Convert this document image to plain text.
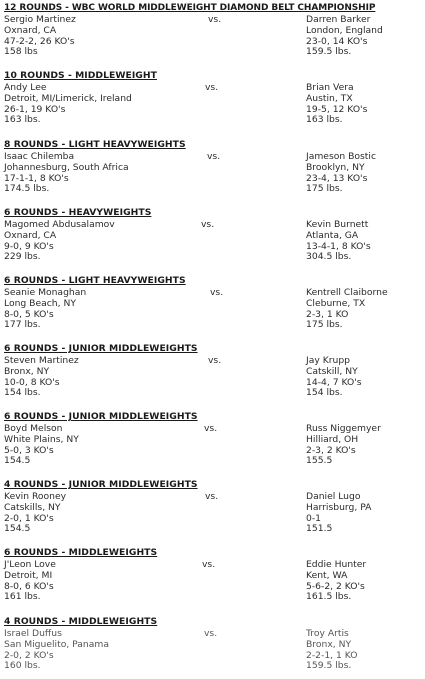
12 ROUNDS - WBC WORLD MIDDLEWEIGHT DIAMOND BELT CHAMPIONSHIP
Sergio Martinez
Oxnard, CA
47-2-2, 26 KO's
158 lbs
Darren Barker
London, England
23-0, 14 KO's
159.5 lbs.
vs.
10 ROUNDS - MIDDLEWEIGHT
Andy Lee
Detroit, MI/Limerick, Ireland
26-1, 19 KO's
163 lbs.
Brian Vera
Austin, TX
19-5, 12 KO's
163 lbs.
vs.
8 ROUNDS - LIGHT HEAVYWEIGHTS
Isaac Chilemba
Johannesburg, South Africa
17-1-1, 8 KO's
174.5 lbs.
Jameson Bostic
Brooklyn, NY
23-4, 13 KO's
175 lbs.
vs.
6 ROUNDS - HEAVYWEIGHTS
Magomed Abdusalamov
Oxnard, CA
9-0, 9 KO's
229 lbs.
Kevin Burnett
Atlanta, GA
13-4-1, 8 KO's
304.5 lbs.
vs.
6 ROUNDS - LIGHT HEAVYWEIGHTS
Seanie Monaghan
Long Beach, NY
8-0, 5 KO's
177 lbs.
Kentrell Claiborne
Cleburne, TX
2-3, 1 KO
175 lbs.
vs.
6 ROUNDS - JUNIOR MIDDLEWEIGHTS
Steven Martinez
Bronx, NY
10-0, 8 KO's
154 lbs.
Jay Krupp
Catskill, NY
14-4, 7 KO's
154 lbs.
vs.
6 ROUNDS - JUNIOR MIDDLEWEIGHTS
Boyd Melson
White Plains, NY
5-0, 3 KO's
154.5
Russ Niggemyer
Hilliard, OH
2-3, 2 KO's
155.5
vs.
4 ROUNDS - JUNIOR MIDDLEWEIGHTS
Kevin Rooney
Catskills, NY
2-0, 1 KO's
154.5
Daniel Lugo
Harrisburg, PA
0-1
151.5
vs.
6 ROUNDS - MIDDLEWEIGHTS
J'Leon Love
Detroit, MI
8-0, 6 KO's
161 lbs.
Eddie Hunter
Kent, WA
5-6-2, 2 KO's
161.5 lbs.
vs.
4 ROUNDS - MIDDLEWEIGHTS
Israel Duffus
San Miguelito, Panama
2-0, 2 KO's
160 lbs.
Troy Artis
Bronx, NY
2-2-1, 1 KO
159.5 lbs.
vs.
